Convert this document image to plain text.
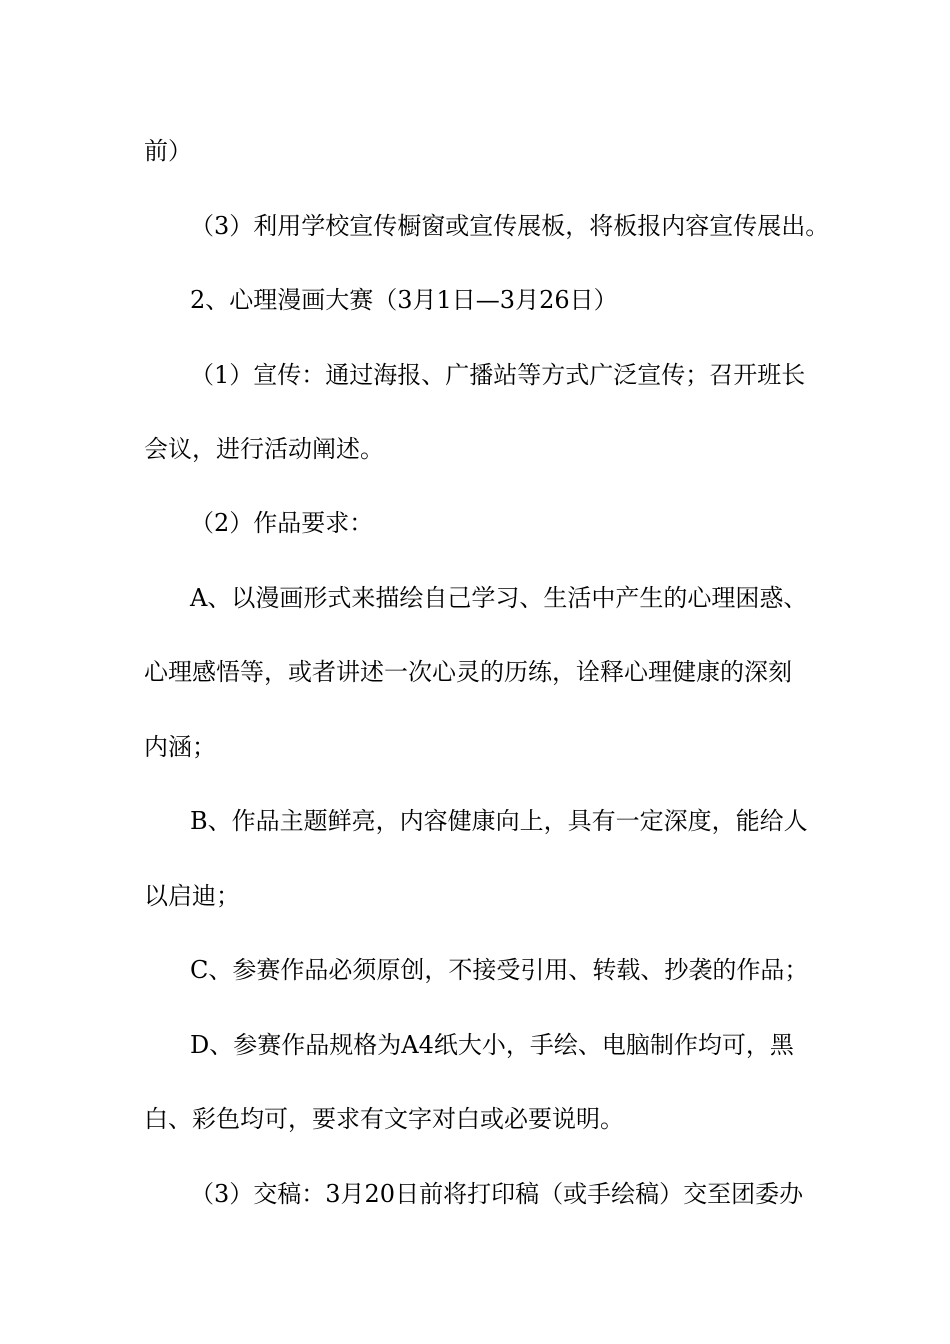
前）
（3）利用学校宣传橱窗或宣传展板，将板报内容宣传展出。
2、心理漫画大赛（3月1日—3月26日）
（1）宣传：通过海报、广播站等方式广泛宣传；召开班长
会议，进行活动阐述。
（2）作品要求：
A、以漫画形式来描绘自己学习、生活中产生的心理困惑、
心理感悟等，或者讲述一次心灵的历练，诠释心理健康的深刻
内涵；
B、作品主题鲜亮，内容健康向上，具有一定深度，能给人
以启迪；
C、参赛作品必须原创，不接受引用、转载、抄袭的作品；
D、参赛作品规格为A4纸大小，手绘、电脑制作均可，黑
白、彩色均可，要求有文字对白或必要说明。
（3）交稿：3月20日前将打印稿（或手绘稿）交至团委办
